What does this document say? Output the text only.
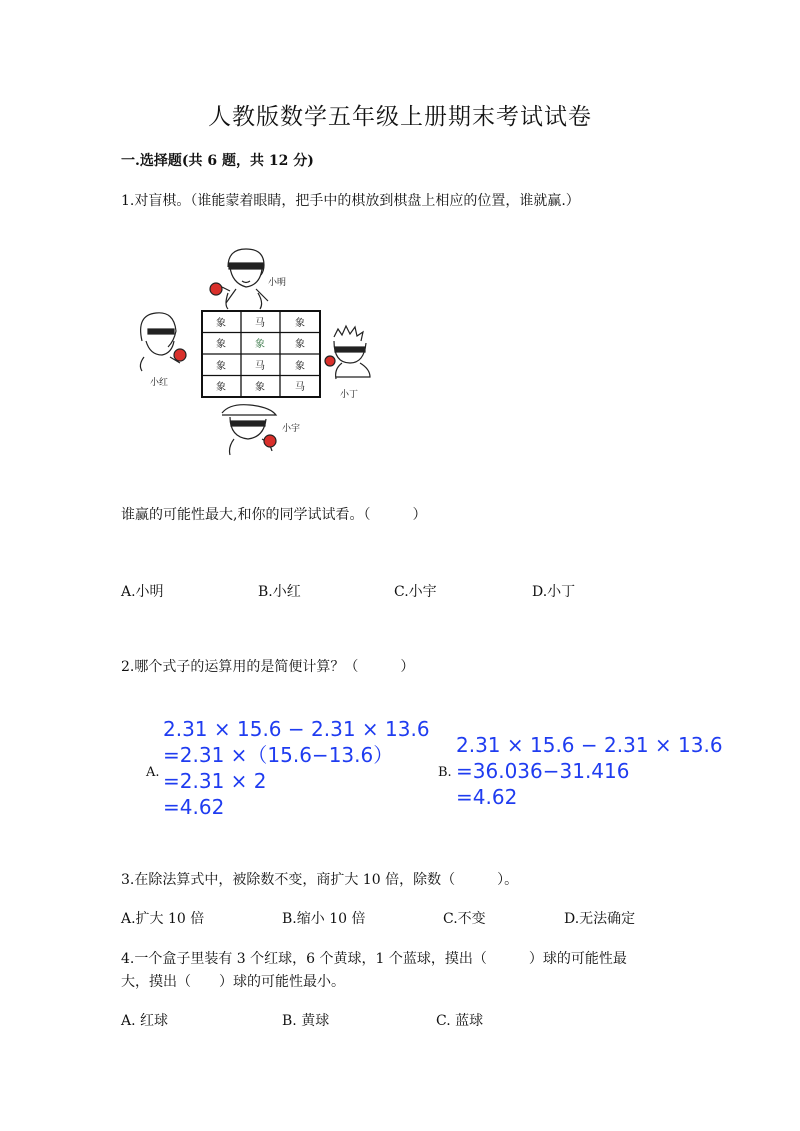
人教版数学五年级上册期末考试试卷
一.选择题(共 6 题，共 12 分)
1.对盲棋。（谁能蒙着眼睛，把手中的棋放到棋盘上相应的位置，谁就赢.）
象	马	象
象	象	象
象	马	象
象	象	马
小明
小红
小丁
小宇
谁赢的可能性最大,和你的同学试试看。（　　　）
A.小明	B.小红	C.小宇	D.小丁
2.哪个式子的运算用的是简便计算？（　　　）
A.
2.31 × 15.6 − 2.31 × 13.6
=2.31 ×（15.6−13.6）
=2.31 × 2
=4.62
B.
2.31 × 15.6 − 2.31 × 13.6
=36.036−31.416
=4.62
3.在除法算式中，被除数不变，商扩大 10 倍，除数（　　　）。
A.扩大 10 倍	B.缩小 10 倍	C.不变	D.无法确定
4.一个盒子里装有 3 个红球，6 个黄球，1 个蓝球，摸出（　　　）球的可能性最
大，摸出（　　）球的可能性最小。
A. 红球	B. 黄球	C. 蓝球
